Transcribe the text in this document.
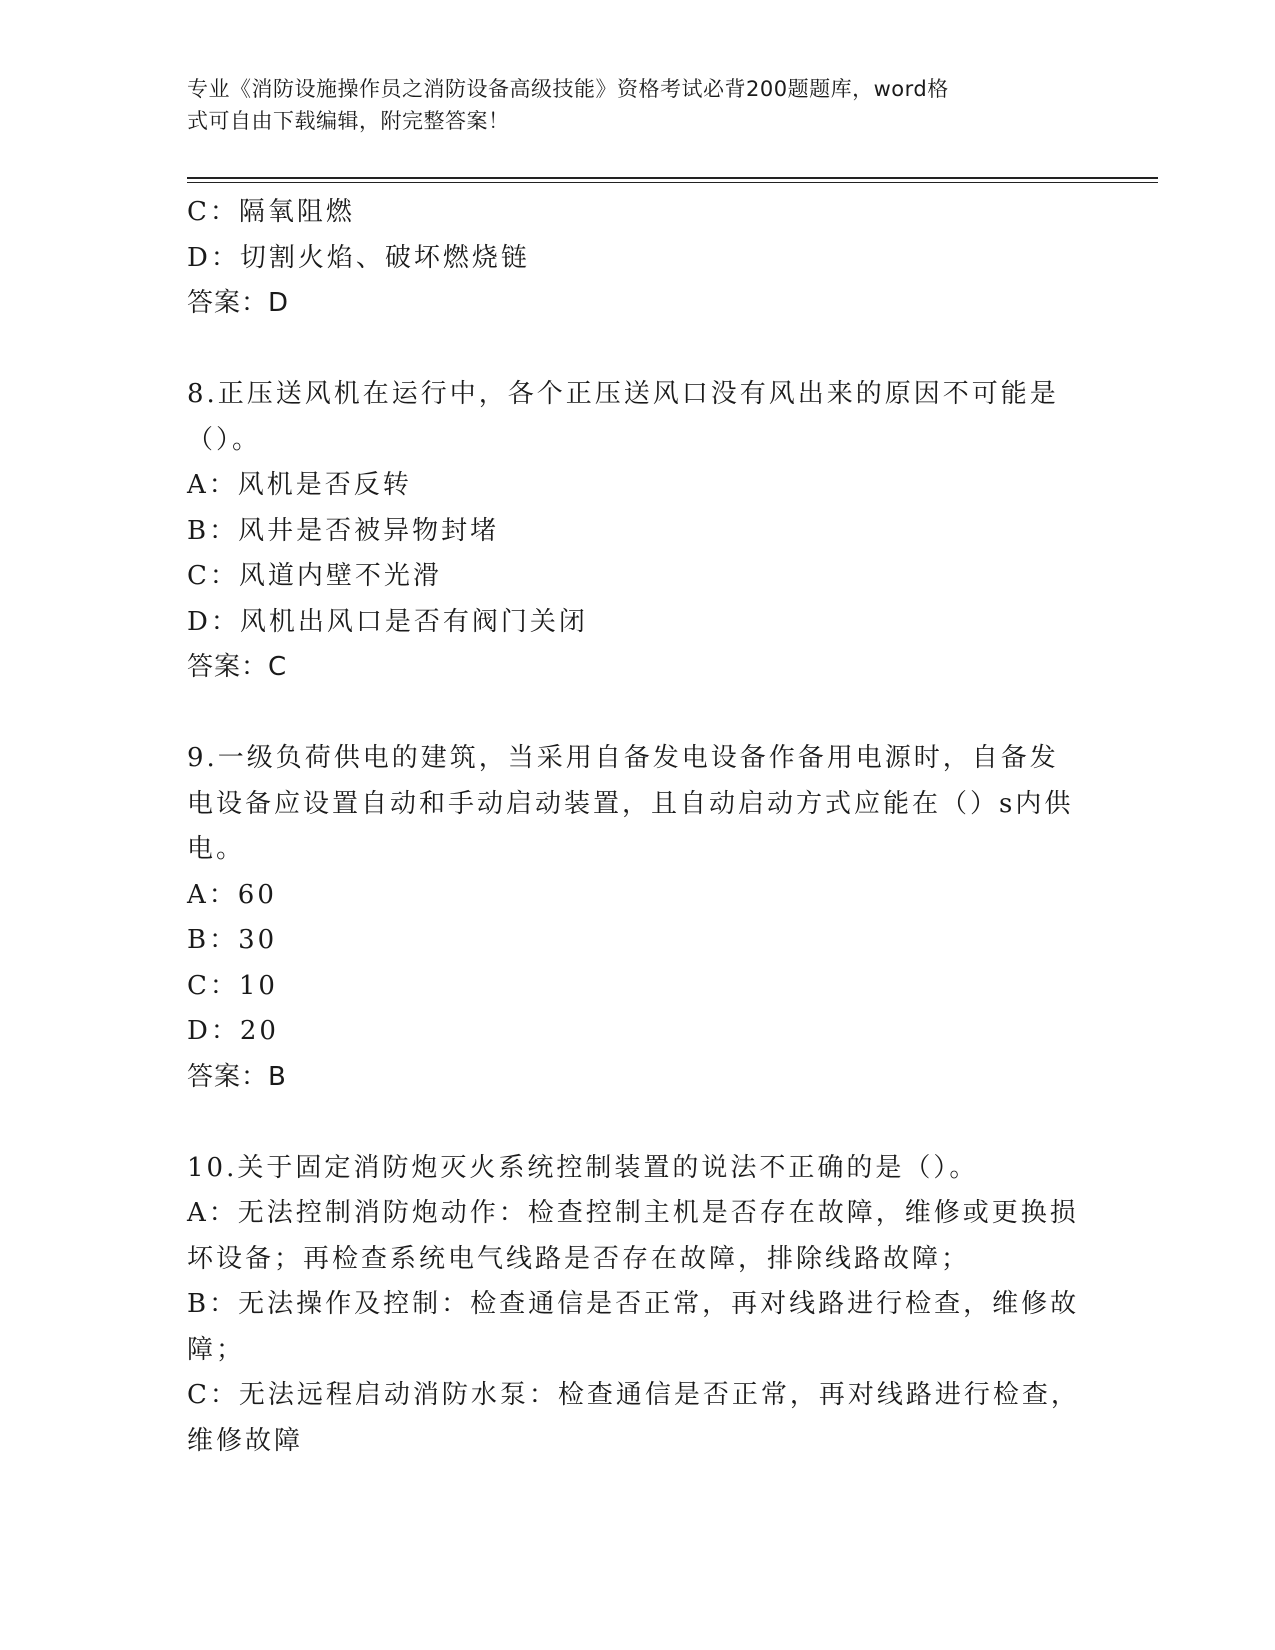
专业《消防设施操作员之消防设备高级技能》资格考试必背200题题库，word格
式可自由下载编辑，附完整答案！
C：隔氧阻燃
D：切割火焰、破坏燃烧链
答案：D
8.正压送风机在运行中，各个正压送风口没有风出来的原因不可能是
（）。
A：风机是否反转
B：风井是否被异物封堵
C：风道内壁不光滑
D：风机出风口是否有阀门关闭
答案：C
9.一级负荷供电的建筑，当采用自备发电设备作备用电源时，自备发
电设备应设置自动和手动启动装置，且自动启动方式应能在（）s内供
电。
A：60
B：30
C：10
D：20
答案：B
10.关于固定消防炮灭火系统控制装置的说法不正确的是（）。
A：无法控制消防炮动作：检查控制主机是否存在故障，维修或更换损
坏设备；再检查系统电气线路是否存在故障，排除线路故障；
B：无法操作及控制：检查通信是否正常，再对线路进行检查，维修故
障；
C：无法远程启动消防水泵：检查通信是否正常，再对线路进行检查，
维修故障
